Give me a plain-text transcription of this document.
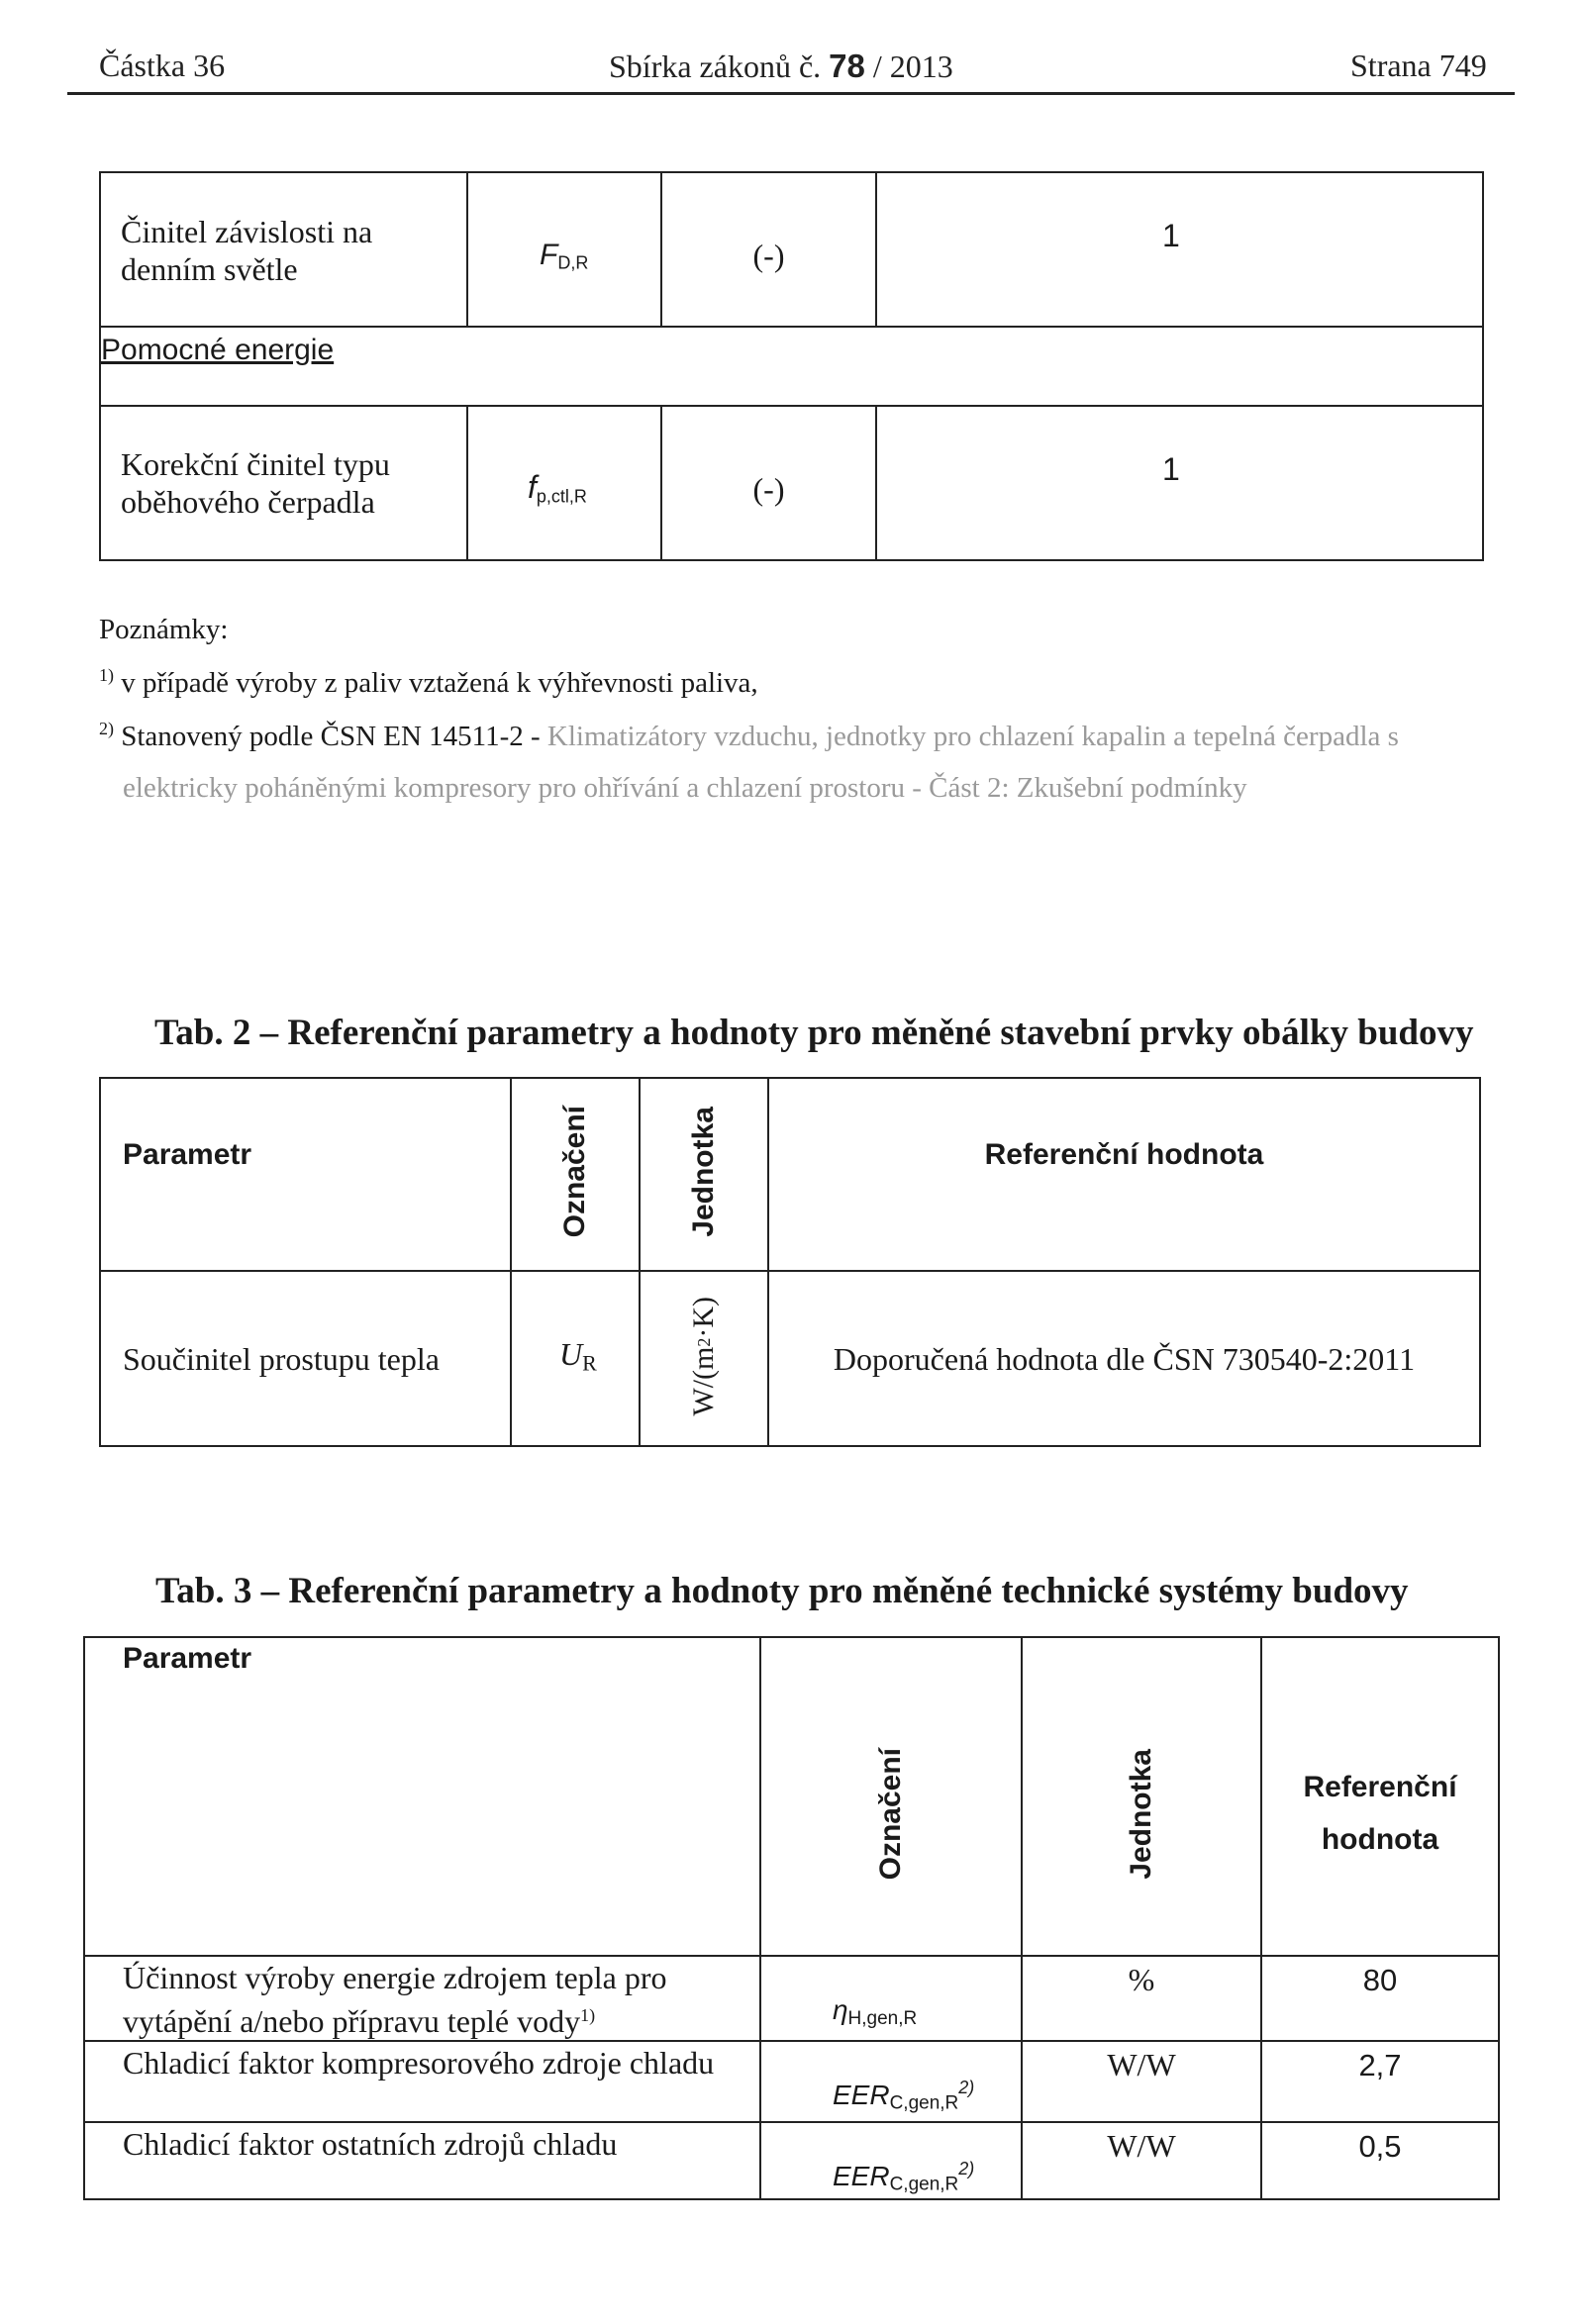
Částka 36	Sbírka zákonů č. 78 / 2013	Strana 749
Činitel závislosti na denním světle	$F_{D,R}$	(-)	1
Pomocné energie			
Korekční činitel typu oběhového čerpadla	$f_{p,ctl,R}$	(-)	1
Poznámky:
$^{1)}$ v případě výroby z paliv vztažená k výhřevnosti paliva,
$^{2)}$ Stanovený podle ČSN EN 14511-2 - Klimatizátory vzduchu, jednotky pro chlazení kapalin a tepelná čerpadla s
elektricky poháněnými kompresory pro ohřívání a chlazení prostoru - Část 2: Zkušební podmínky
Tab. 2 – Referenční parametry a hodnoty pro měněné stavební prvky obálky budovy
Parametr	Označení	Jednotka	Referenční hodnota
Součinitel prostupu tepla	$U_R$	W/(m2·K)	Doporučená hodnota dle ČSN 730540-2:2011
Tab. 3 – Referenční parametry a hodnoty pro měněné technické systémy budovy
Parametr	Označení	Jednotka	Referenční
hodnota
Účinnost výroby energie zdrojem tepla pro vytápění a/nebo přípravu teplé vody$^{1)}$	ηH,gen,R	%	80
Chladicí faktor kompresorového zdroje chladu	EERC,gen,R2)	W/W	2,7
Chladicí faktor ostatních zdrojů chladu	EERC,gen,R2)	W/W	0,5
